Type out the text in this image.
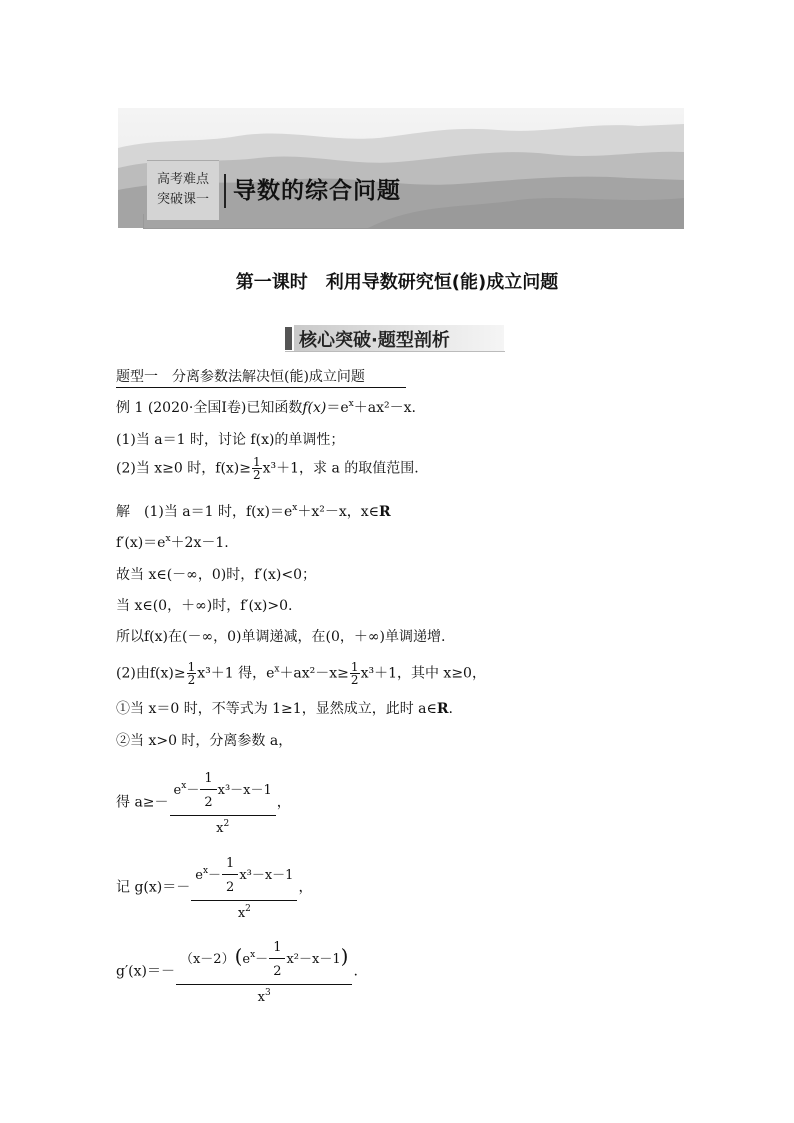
高考难点
突破课一	导数的综合问题
第一课时　利用导数研究恒(能)成立问题
核心突破·题型剖析
题型一　分离参数法解决恒(能)成立问题
例 1 (2020·全国Ⅰ卷)已知函数$f(x)=e^x+ax^2-x$.
(1)当 a＝1 时，讨论 f(x)的单调性；
(2)当 x≥0 时，$f(x)\ge \frac{1}{2} x^3+1$，求 a 的取值范围.
解　(1)当 a＝1 时，$f(x)=e^x+x^2-x$，x∈R
$f'(x)=e^x+2x-1$.
故当 x∈(－∞，0)时，f′(x)<0；
当 x∈(0，＋∞)时，f′(x)>0.
所以f(x)在(－∞，0)单调递减，在(0，＋∞)单调递增.
(2)由$f(x)\ge \frac{1}{2} x^3+1$ 得，$e^x+ax^2-x\ge \frac{1}{2} x^3+1$，其中 x≥0，
①当 x＝0 时，不等式为 1≥1，显然成立，此时 a∈R.
②当 x>0 时，分离参数 a，
得 $a\ge- \frac{e^x- \frac{1}{2} x^3-x-1}{x^2}$ ，
记 $g(x)=- \frac{e^x- \frac{1}{2} x^3-x-1}{x^2}$ ，
$g'(x)=- \frac{(x-2)(e^x- \frac{1}{2} x^2-x-1)}{x^3}$ .
